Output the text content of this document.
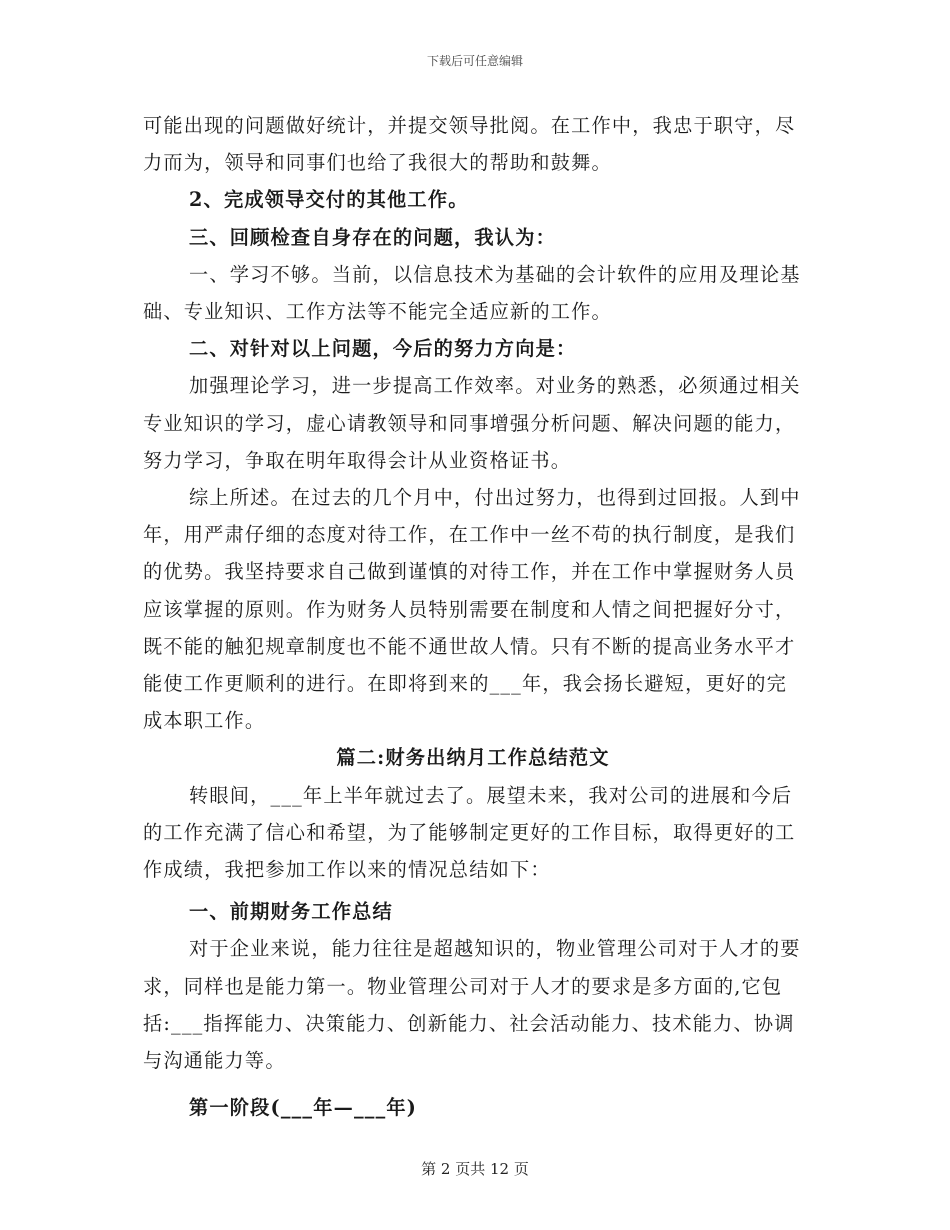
下载后可任意编辑

可能出现的问题做好统计，并提交领导批阅。在工作中，我忠于职守，尽力而为，领导和同事们也给了我很大的帮助和鼓舞。

2、完成领导交付的其他工作。

三、回顾检查自身存在的问题，我认为：

一、学习不够。当前，以信息技术为基础的会计软件的应用及理论基础、专业知识、工作方法等不能完全适应新的工作。

二、对针对以上问题，今后的努力方向是：

加强理论学习，进一步提高工作效率。对业务的熟悉，必须通过相关专业知识的学习，虚心请教领导和同事增强分析问题、解决问题的能力，努力学习，争取在明年取得会计从业资格证书。

综上所述。在过去的几个月中，付出过努力，也得到过回报。人到中年，用严肃仔细的态度对待工作，在工作中一丝不苟的执行制度，是我们的优势。我坚持要求自己做到谨慎的对待工作，并在工作中掌握财务人员应该掌握的原则。作为财务人员特别需要在制度和人情之间把握好分寸，既不能的触犯规章制度也不能不通世故人情。只有不断的提高业务水平才能使工作更顺利的进行。在即将到来的___年，我会扬长避短，更好的完成本职工作。

篇二:财务出纳月工作总结范文

转眼间，___年上半年就过去了。展望未来，我对公司的进展和今后的工作充满了信心和希望，为了能够制定更好的工作目标，取得更好的工作成绩，我把参加工作以来的情况总结如下：

一、前期财务工作总结

对于企业来说，能力往往是超越知识的，物业管理公司对于人才的要求，同样也是能力第一。物业管理公司对于人才的要求是多方面的,它包括:___指挥能力、决策能力、创新能力、社会活动能力、技术能力、协调与沟通能力等。

第一阶段(___年—___年)

第 2 页共 12 页
